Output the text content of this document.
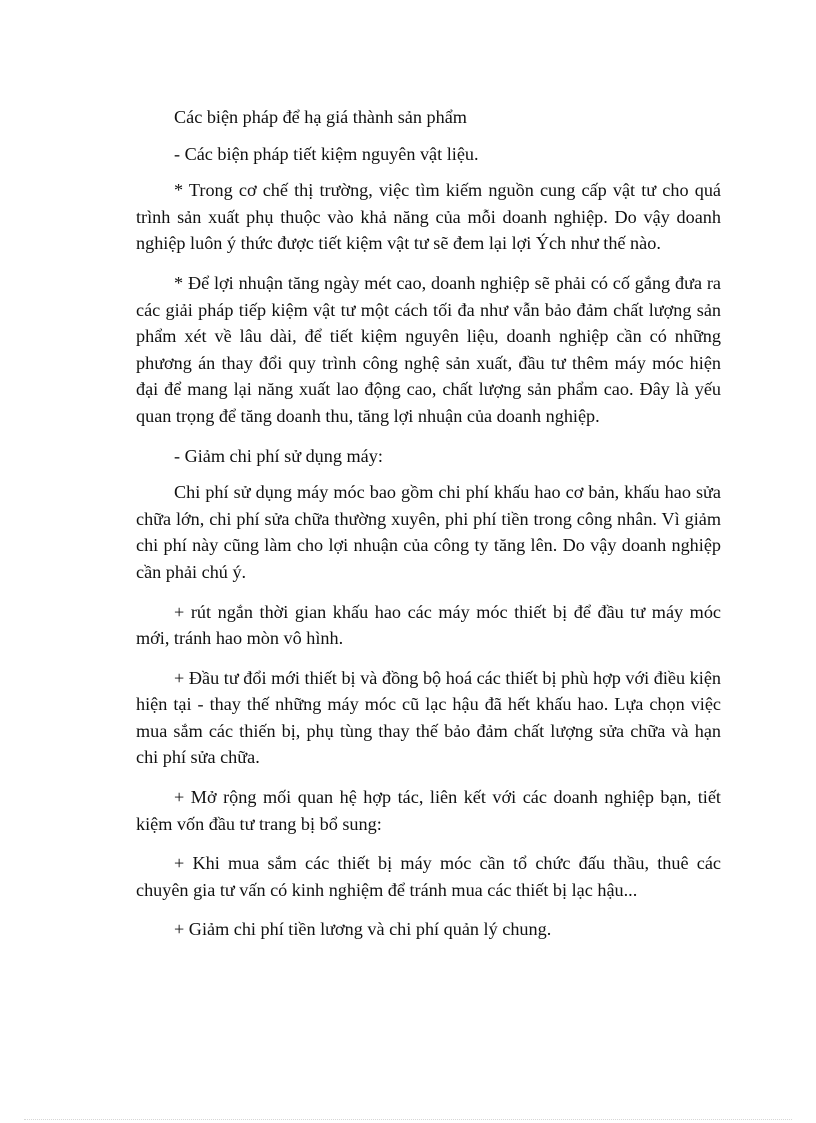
Các biện pháp để hạ giá thành sản phẩm

- Các biện pháp tiết kiệm nguyên vật liệu.

* Trong cơ chế thị trường, việc tìm kiếm nguồn cung cấp vật tư cho quá trình sản xuất phụ thuộc vào khả năng của mỗi doanh nghiệp. Do vậy doanh nghiệp luôn ý thức được tiết kiệm vật tư sẽ đem lại lợi Ých như thế nào.

* Để lợi nhuận tăng ngày mét cao, doanh nghiệp sẽ phải có cố gắng đưa ra các giải pháp tiếp kiệm vật tư một cách tối đa như vẫn bảo đảm chất lượng sản phẩm xét về lâu dài, để tiết kiệm nguyên liệu, doanh nghiệp cần có những phương án thay đổi quy trình công nghệ sản xuất, đầu tư thêm máy móc hiện đại để mang lại năng xuất lao động cao, chất lượng sản phẩm cao. Đây là yếu quan trọng để tăng doanh thu, tăng lợi nhuận của doanh nghiệp.

- Giảm chi phí sử dụng máy:

Chi phí sử dụng máy móc bao gồm chi phí khấu hao cơ bản, khấu hao sửa chữa lớn, chi phí sửa chữa thường xuyên, phi phí tiền trong công nhân. Vì giảm chi phí này cũng làm cho lợi nhuận của công ty tăng lên. Do vậy doanh nghiệp cần phải chú ý.

+ rút ngắn thời gian khấu hao các máy móc thiết bị để đầu tư máy móc mới, tránh hao mòn vô hình.

+ Đầu tư đổi mới thiết bị và đồng bộ hoá các thiết bị phù hợp với điều kiện hiện tại - thay thế những máy móc cũ lạc hậu đã hết khấu hao. Lựa chọn việc mua sắm các thiến bị, phụ tùng thay thế bảo đảm chất lượng sửa chữa và hạn chi phí sửa chữa.

+ Mở rộng mối quan hệ hợp tác, liên kết với các doanh nghiệp bạn, tiết kiệm vốn đầu tư trang bị bổ sung:

+ Khi mua sắm các thiết bị máy móc cần tổ chức đấu thầu, thuê các chuyên gia tư vấn có kinh nghiệm để tránh mua các thiết bị lạc hậu...

+ Giảm chi phí tiền lương và chi phí quản lý chung.
